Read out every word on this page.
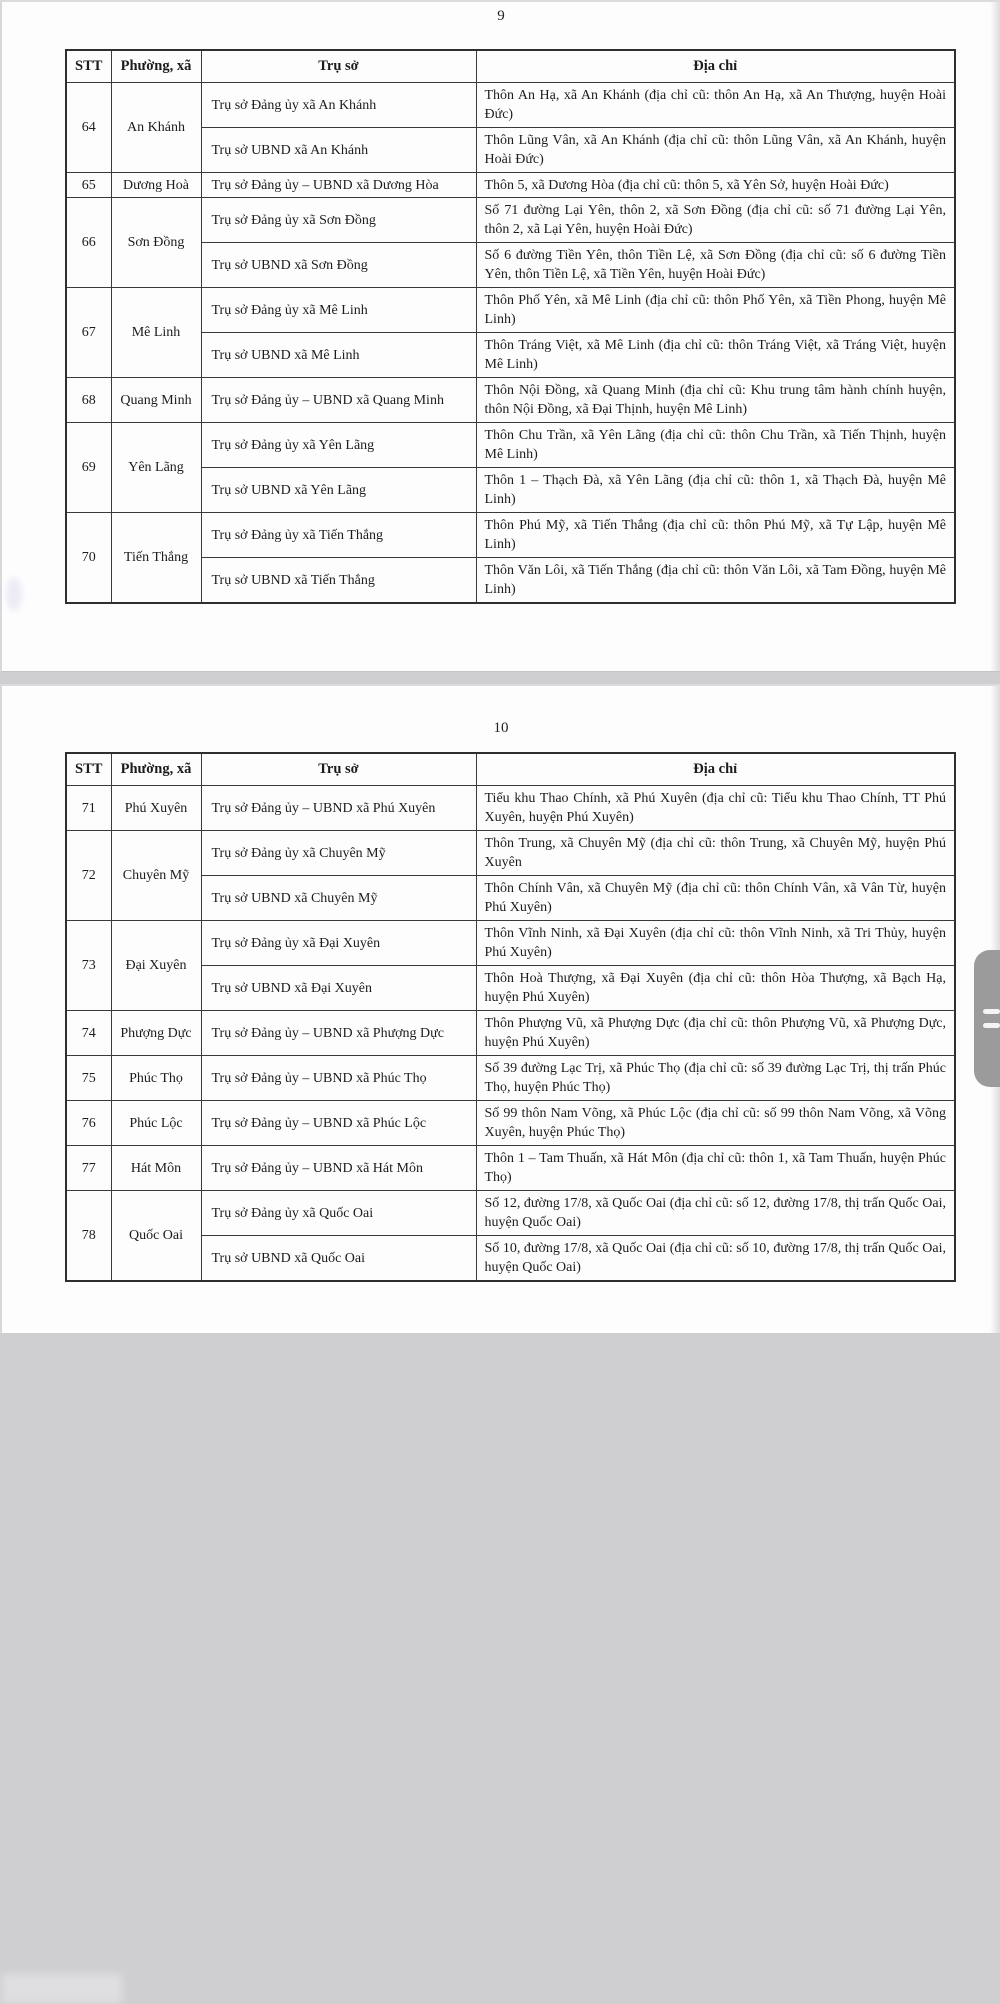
9
STT	Phường, xã	Trụ sở	Địa chỉ
64	An Khánh	Trụ sở Đảng ủy xã An Khánh	Thôn An Hạ, xã An Khánh (địa chỉ cũ: thôn An Hạ, xã An Thượng, huyện Hoài Đức)
		Trụ sở UBND xã An Khánh	Thôn Lũng Vân, xã An Khánh (địa chỉ cũ: thôn Lũng Vân, xã An Khánh, huyện Hoài Đức)
65	Dương Hoà	Trụ sở Đảng ủy – UBND xã Dương Hòa	Thôn 5, xã Dương Hòa (địa chỉ cũ: thôn 5, xã Yên Sở, huyện Hoài Đức)
66	Sơn Đồng	Trụ sở Đảng ủy xã Sơn Đồng	Số 71 đường Lại Yên, thôn 2, xã Sơn Đồng (địa chỉ cũ: số 71 đường Lại Yên, thôn 2, xã Lại Yên, huyện Hoài Đức)
		Trụ sở UBND xã Sơn Đồng	Số 6 đường Tiền Yên, thôn Tiền Lệ, xã Sơn Đồng (địa chỉ cũ: số 6 đường Tiền Yên, thôn Tiền Lệ, xã Tiền Yên, huyện Hoài Đức)
67	Mê Linh	Trụ sở Đảng ủy xã Mê Linh	Thôn Phố Yên, xã Mê Linh (địa chỉ cũ: thôn Phố Yên, xã Tiền Phong, huyện Mê Linh)
		Trụ sở UBND xã Mê Linh	Thôn Tráng Việt, xã Mê Linh (địa chỉ cũ: thôn Tráng Việt, xã Tráng Việt, huyện Mê Linh)
68	Quang Minh	Trụ sở Đảng ủy – UBND xã Quang Minh	Thôn Nội Đồng, xã Quang Minh (địa chỉ cũ: Khu trung tâm hành chính huyện, thôn Nội Đồng, xã Đại Thịnh, huyện Mê Linh)
69	Yên Lãng	Trụ sở Đảng ủy xã Yên Lãng	Thôn Chu Trần, xã Yên Lãng (địa chỉ cũ: thôn Chu Trần, xã Tiến Thịnh, huyện Mê Linh)
		Trụ sở UBND xã Yên Lãng	Thôn 1 – Thạch Đà, xã Yên Lãng (địa chỉ cũ: thôn 1, xã Thạch Đà, huyện Mê Linh)
70	Tiến Thắng	Trụ sở Đảng ủy xã Tiến Thắng	Thôn Phú Mỹ, xã Tiến Thắng (địa chỉ cũ: thôn Phú Mỹ, xã Tự Lập, huyện Mê Linh)
		Trụ sở UBND xã Tiến Thắng	Thôn Văn Lôi, xã Tiến Thắng (địa chỉ cũ: thôn Văn Lôi, xã Tam Đồng, huyện Mê Linh)
10
STT	Phường, xã	Trụ sở	Địa chỉ
71	Phú Xuyên	Trụ sở Đảng ủy – UBND xã Phú Xuyên	Tiểu khu Thao Chính, xã Phú Xuyên (địa chỉ cũ: Tiểu khu Thao Chính, TT Phú Xuyên, huyện Phú Xuyên)
72	Chuyên Mỹ	Trụ sở Đảng ủy xã Chuyên Mỹ	Thôn Trung, xã Chuyên Mỹ (địa chỉ cũ: thôn Trung, xã Chuyên Mỹ, huyện Phú Xuyên
		Trụ sở UBND xã Chuyên Mỹ	Thôn Chính Vân, xã Chuyên Mỹ (địa chỉ cũ: thôn Chính Vân, xã Vân Từ, huyện Phú Xuyên)
73	Đại Xuyên	Trụ sở Đảng ủy xã Đại Xuyên	Thôn Vĩnh Ninh, xã Đại Xuyên (địa chỉ cũ: thôn Vĩnh Ninh, xã Tri Thủy, huyện Phú Xuyên)
		Trụ sở UBND xã Đại Xuyên	Thôn Hoà Thượng, xã Đại Xuyên (địa chỉ cũ: thôn Hòa Thượng, xã Bạch Hạ, huyện Phú Xuyên)
74	Phượng Dực	Trụ sở Đảng ủy – UBND xã Phượng Dực	Thôn Phượng Vũ, xã Phượng Dực (địa chỉ cũ: thôn Phượng Vũ, xã Phượng Dực, huyện Phú Xuyên)
75	Phúc Thọ	Trụ sở Đảng ủy – UBND xã Phúc Thọ	Số 39 đường Lạc Trị, xã Phúc Thọ (địa chỉ cũ: số 39 đường Lạc Trị, thị trấn Phúc Thọ, huyện Phúc Thọ)
76	Phúc Lộc	Trụ sở Đảng ủy – UBND xã Phúc Lộc	Số 99 thôn Nam Võng, xã Phúc Lộc (địa chỉ cũ: số 99 thôn Nam Võng, xã Võng Xuyên, huyện Phúc Thọ)
77	Hát Môn	Trụ sở Đảng ủy – UBND xã Hát Môn	Thôn 1 – Tam Thuấn, xã Hát Môn (địa chỉ cũ: thôn 1, xã Tam Thuấn, huyện Phúc Thọ)
78	Quốc Oai	Trụ sở Đảng ủy xã Quốc Oai	Số 12, đường 17/8, xã Quốc Oai (địa chỉ cũ: số 12, đường 17/8, thị trấn Quốc Oai, huyện Quốc Oai)
		Trụ sở UBND xã Quốc Oai	Số 10, đường 17/8, xã Quốc Oai (địa chỉ cũ: số 10, đường 17/8, thị trấn Quốc Oai, huyện Quốc Oai)
